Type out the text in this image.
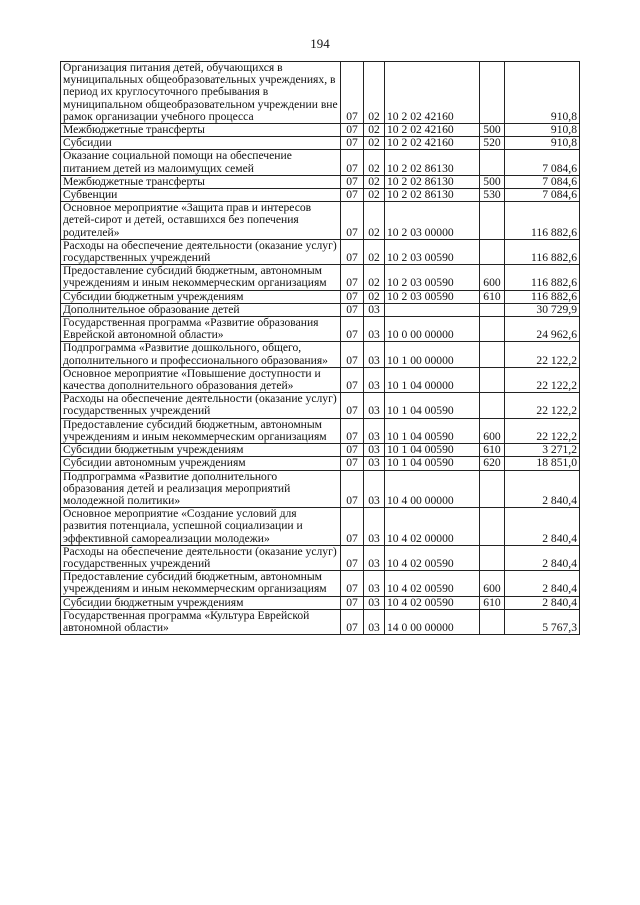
194
Организация питания детей, обучающихся в муниципальных общеобразовательных учреждениях, в период их круглосуточного пребывания в муниципальном общеобразовательном учреждении вне рамок организации учебного процесса	07	02	10 2 02 42160		910,8
Межбюджетные трансферты	07	02	10 2 02 42160	500	910,8
Субсидии	07	02	10 2 02 42160	520	910,8
Оказание социальной помощи на обеспечение питанием детей из малоимущих семей	07	02	10 2 02 86130		7 084,6
Межбюджетные трансферты	07	02	10 2 02 86130	500	7 084,6
Субвенции	07	02	10 2 02 86130	530	7 084,6
Основное мероприятие «Защита прав и интересов детей-сирот и детей, оставшихся без попечения родителей»	07	02	10 2 03 00000		116 882,6
Расходы на обеспечение деятельности (оказание услуг) государственных учреждений	07	02	10 2 03 00590		116 882,6
Предоставление субсидий бюджетным, автономным учреждениям и иным некоммерческим организациям	07	02	10 2 03 00590	600	116 882,6
Субсидии бюджетным учреждениям	07	02	10 2 03 00590	610	116 882,6
Дополнительное образование детей	07	03			30 729,9
Государственная программа «Развитие образования Еврейской автономной области»	07	03	10 0 00 00000		24 962,6
Подпрограмма «Развитие дошкольного, общего, дополнительного и профессионального образования»	07	03	10 1 00 00000		22 122,2
Основное мероприятие «Повышение доступности и качества дополнительного образования детей»	07	03	10 1 04 00000		22 122,2
Расходы на обеспечение деятельности (оказание услуг) государственных учреждений	07	03	10 1 04 00590		22 122,2
Предоставление субсидий бюджетным, автономным учреждениям и иным некоммерческим организациям	07	03	10 1 04 00590	600	22 122,2
Субсидии бюджетным учреждениям	07	03	10 1 04 00590	610	3 271,2
Субсидии автономным учреждениям	07	03	10 1 04 00590	620	18 851,0
Подпрограмма «Развитие дополнительного образования детей и реализация мероприятий молодежной политики»	07	03	10 4 00 00000		2 840,4
Основное мероприятие «Создание условий для развития потенциала, успешной социализации и эффективной самореализации молодежи»	07	03	10 4 02 00000		2 840,4
Расходы на обеспечение деятельности (оказание услуг) государственных учреждений	07	03	10 4 02 00590		2 840,4
Предоставление субсидий бюджетным, автономным учреждениям и иным некоммерческим организациям	07	03	10 4 02 00590	600	2 840,4
Субсидии бюджетным учреждениям	07	03	10 4 02 00590	610	2 840,4
Государственная программа «Культура Еврейской автономной области»	07	03	14 0 00 00000		5 767,3
